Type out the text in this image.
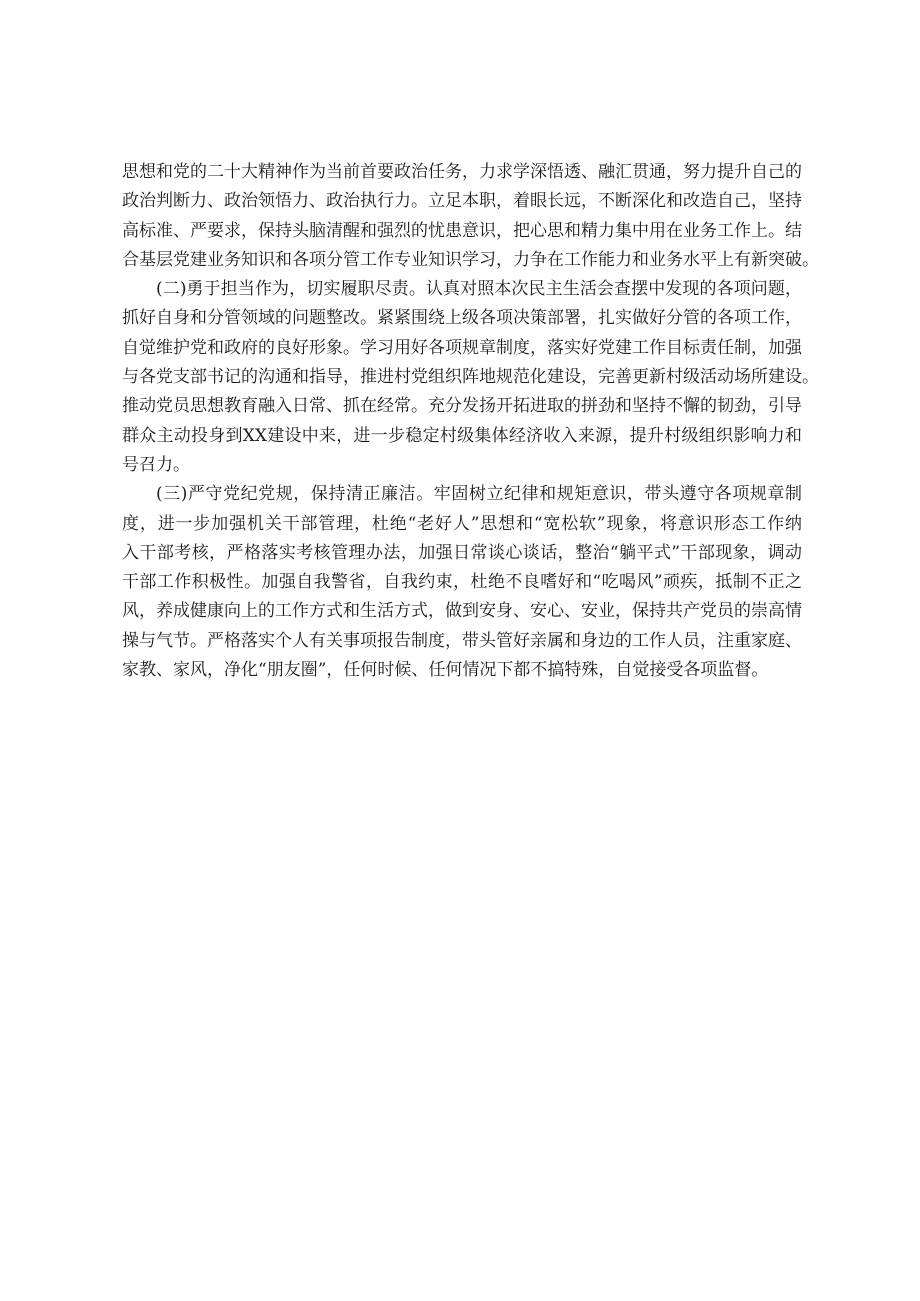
思想和党的二十大精神作为当前首要政治任务，力求学深悟透、融汇贯通，努力提升自己的
政治判断力、政治领悟力、政治执行力。立足本职，着眼长远，不断深化和改造自己，坚持
高标准、严要求，保持头脑清醒和强烈的忧患意识，把心思和精力集中用在业务工作上。结
合基层党建业务知识和各项分管工作专业知识学习，力争在工作能力和业务水平上有新突破。
(二)勇于担当作为，切实履职尽责。认真对照本次民主生活会查摆中发现的各项问题，
抓好自身和分管领域的问题整改。紧紧围绕上级各项决策部署，扎实做好分管的各项工作，
自觉维护党和政府的良好形象。学习用好各项规章制度，落实好党建工作目标责任制，加强
与各党支部书记的沟通和指导，推进村党组织阵地规范化建设，完善更新村级活动场所建设。
推动党员思想教育融入日常、抓在经常。充分发扬开拓进取的拼劲和坚持不懈的韧劲，引导
群众主动投身到XX建设中来，进一步稳定村级集体经济收入来源，提升村级组织影响力和
号召力。
(三)严守党纪党规，保持清正廉洁。牢固树立纪律和规矩意识，带头遵守各项规章制
度，进一步加强机关干部管理，杜绝“老好人”思想和“宽松软”现象，将意识形态工作纳
入干部考核，严格落实考核管理办法，加强日常谈心谈话，整治“躺平式”干部现象，调动
干部工作积极性。加强自我警省，自我约束，杜绝不良嗜好和“吃喝风”顽疾，抵制不正之
风，养成健康向上的工作方式和生活方式，做到安身、安心、安业，保持共产党员的崇高情
操与气节。严格落实个人有关事项报告制度，带头管好亲属和身边的工作人员，注重家庭、
家教、家风，净化“朋友圈”，任何时候、任何情况下都不搞特殊，自觉接受各项监督。
